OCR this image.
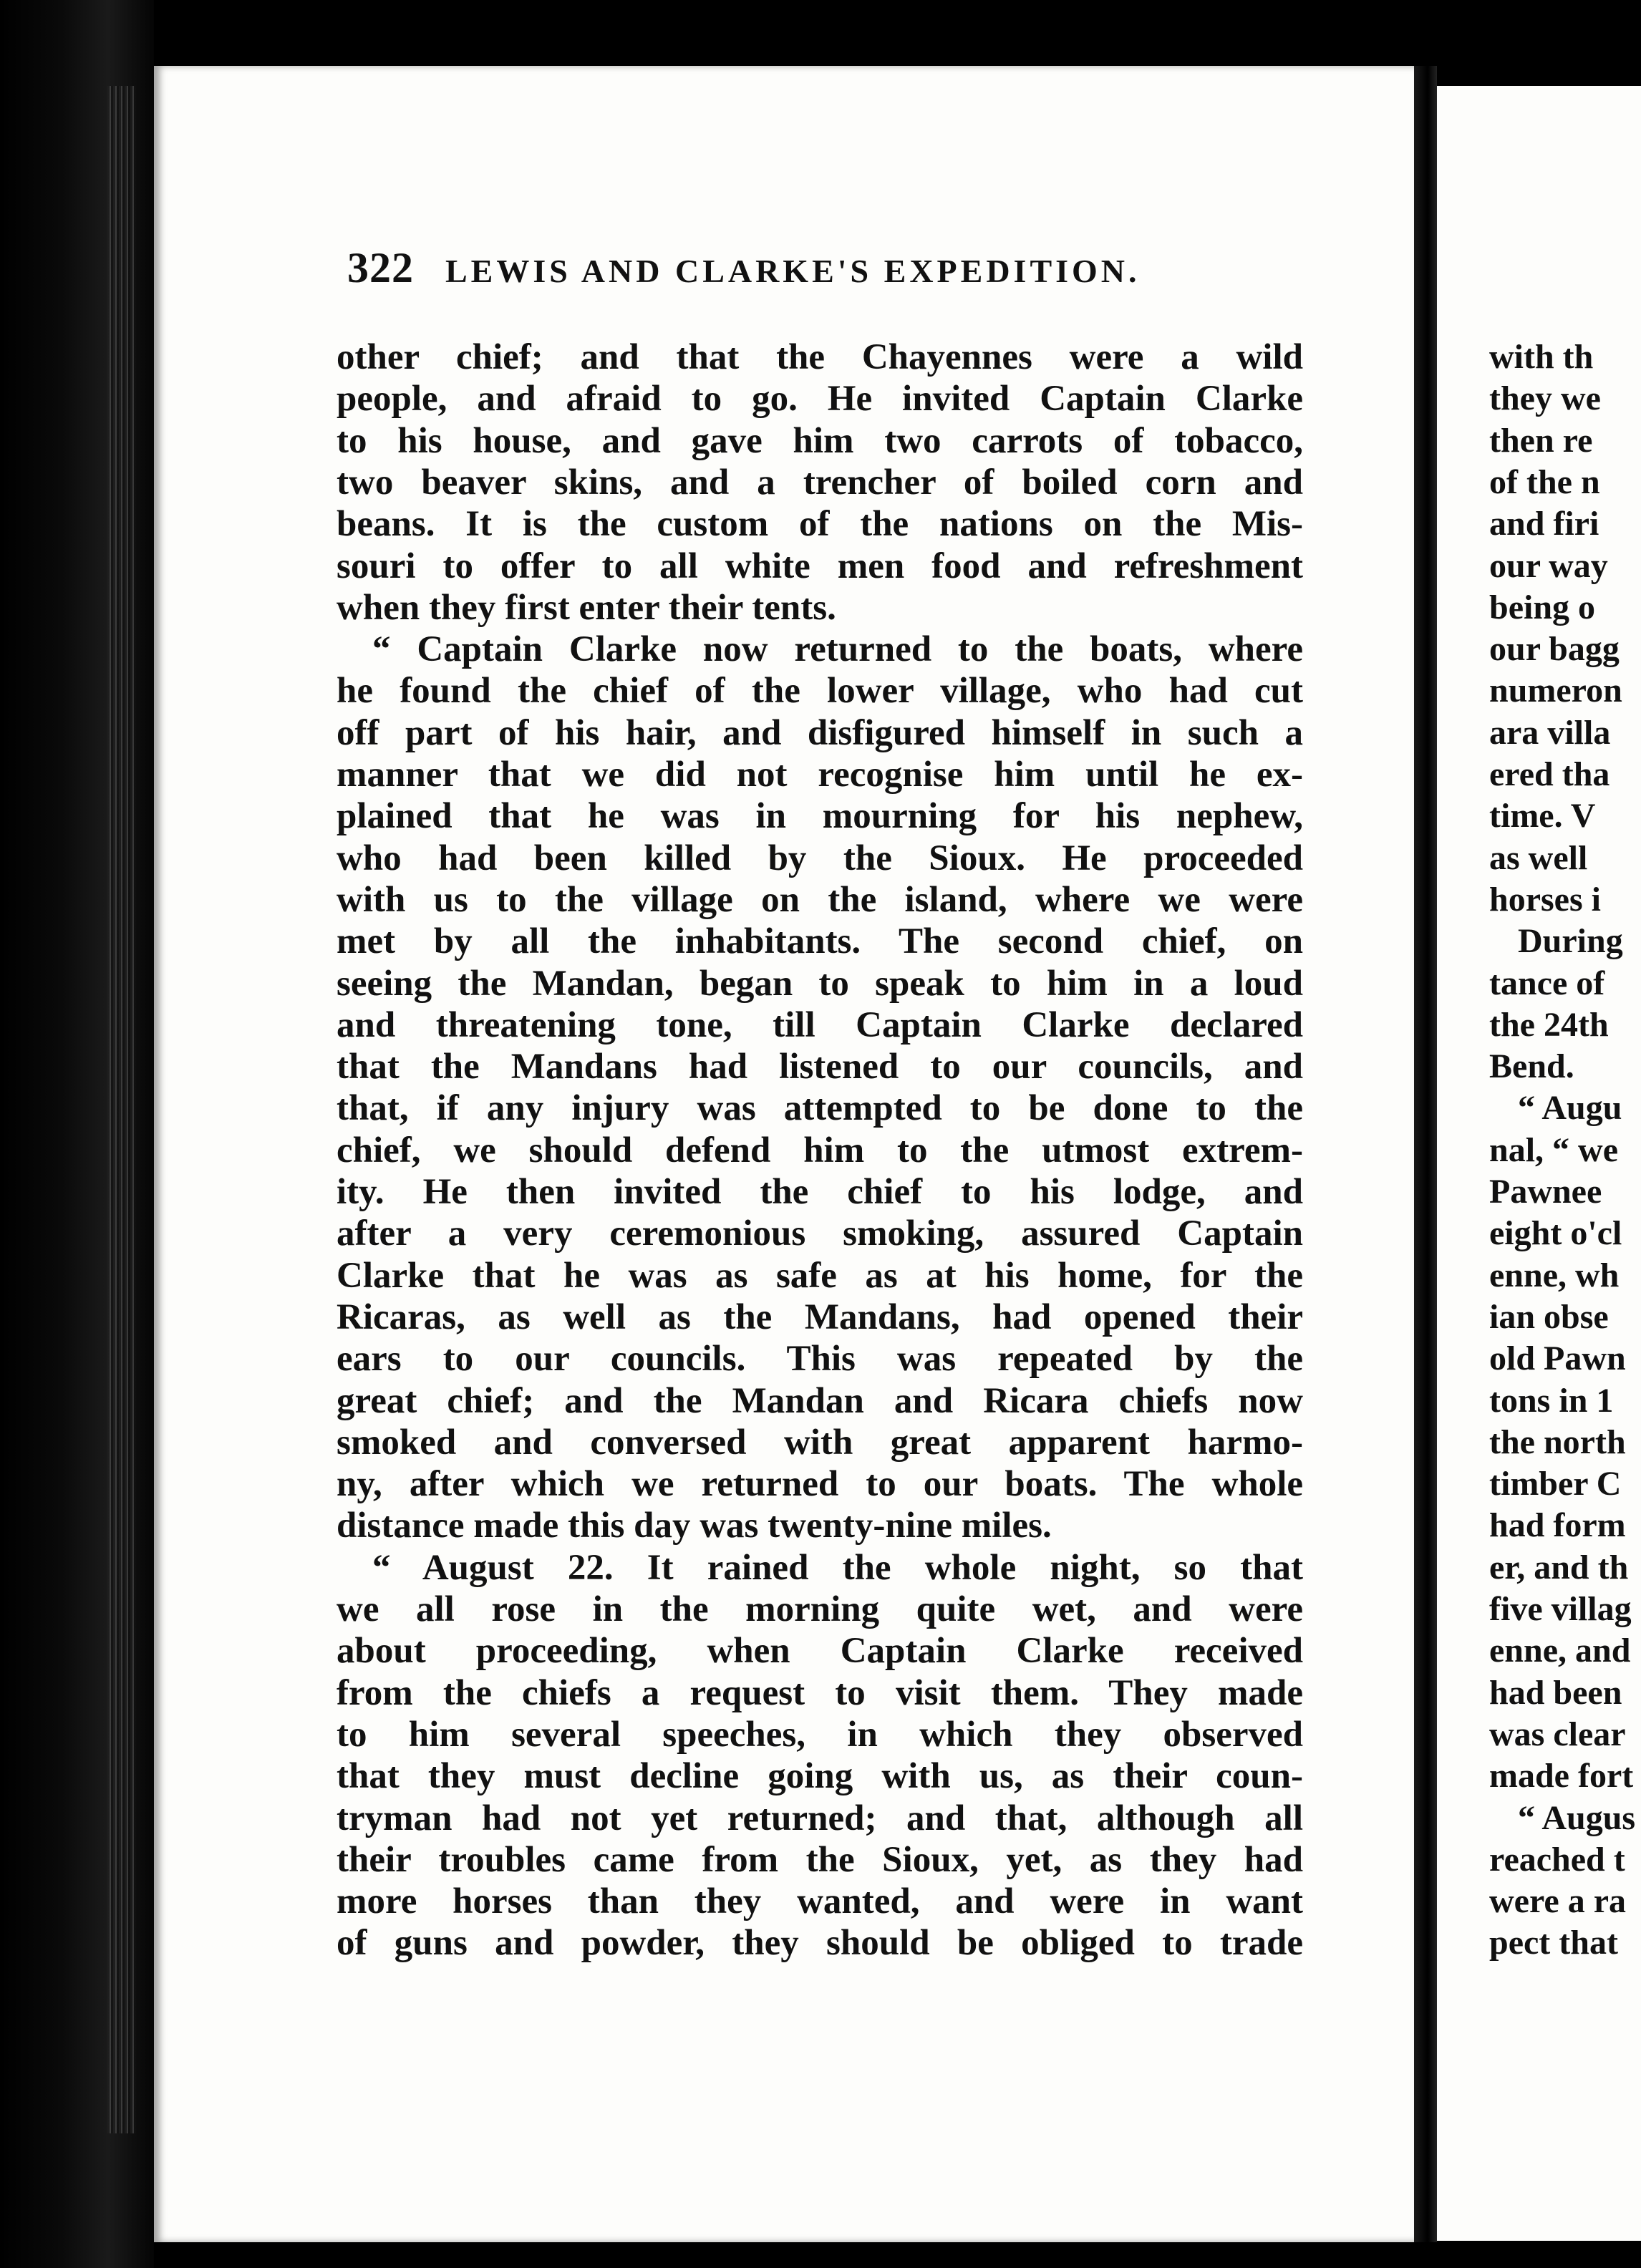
with th
they we
then re
of the n
and firi
our way
being o
our bagg
numeron
ara villa
ered tha
time. V
as well
horses i
During
tance of
the 24th
Bend.
“ Augu
nal, “ we
Pawnee
eight o'cl
enne, wh
ian obse
old Pawn
tons in 1
the north
timber C
had form
er, and th
five villag
enne, and
had been
was clear
made fort
“ Augus
reached t
were a ra
pect that
322 LEWIS AND CLARKE'S EXPEDITION.
other chief; and that the Chayennes were a wild
people, and afraid to go. He invited Captain Clarke
to his house, and gave him two carrots of tobacco,
two beaver skins, and a trencher of boiled corn and
beans. It is the custom of the nations on the Mis-
souri to offer to all white men food and refreshment
when they first enter their tents.
“ Captain Clarke now returned to the boats, where
he found the chief of the lower village, who had cut
off part of his hair, and disfigured himself in such a
manner that we did not recognise him until he ex-
plained that he was in mourning for his nephew,
who had been killed by the Sioux. He proceeded
with us to the village on the island, where we were
met by all the inhabitants. The second chief, on
seeing the Mandan, began to speak to him in a loud
and threatening tone, till Captain Clarke declared
that the Mandans had listened to our councils, and
that, if any injury was attempted to be done to the
chief, we should defend him to the utmost extrem-
ity. He then invited the chief to his lodge, and
after a very ceremonious smoking, assured Captain
Clarke that he was as safe as at his home, for the
Ricaras, as well as the Mandans, had opened their
ears to our councils. This was repeated by the
great chief; and the Mandan and Ricara chiefs now
smoked and conversed with great apparent harmo-
ny, after which we returned to our boats. The whole
distance made this day was twenty-nine miles.
“ August 22. It rained the whole night, so that
we all rose in the morning quite wet, and were
about proceeding, when Captain Clarke received
from the chiefs a request to visit them. They made
to him several speeches, in which they observed
that they must decline going with us, as their coun-
tryman had not yet returned; and that, although all
their troubles came from the Sioux, yet, as they had
more horses than they wanted, and were in want
of guns and powder, they should be obliged to trade
